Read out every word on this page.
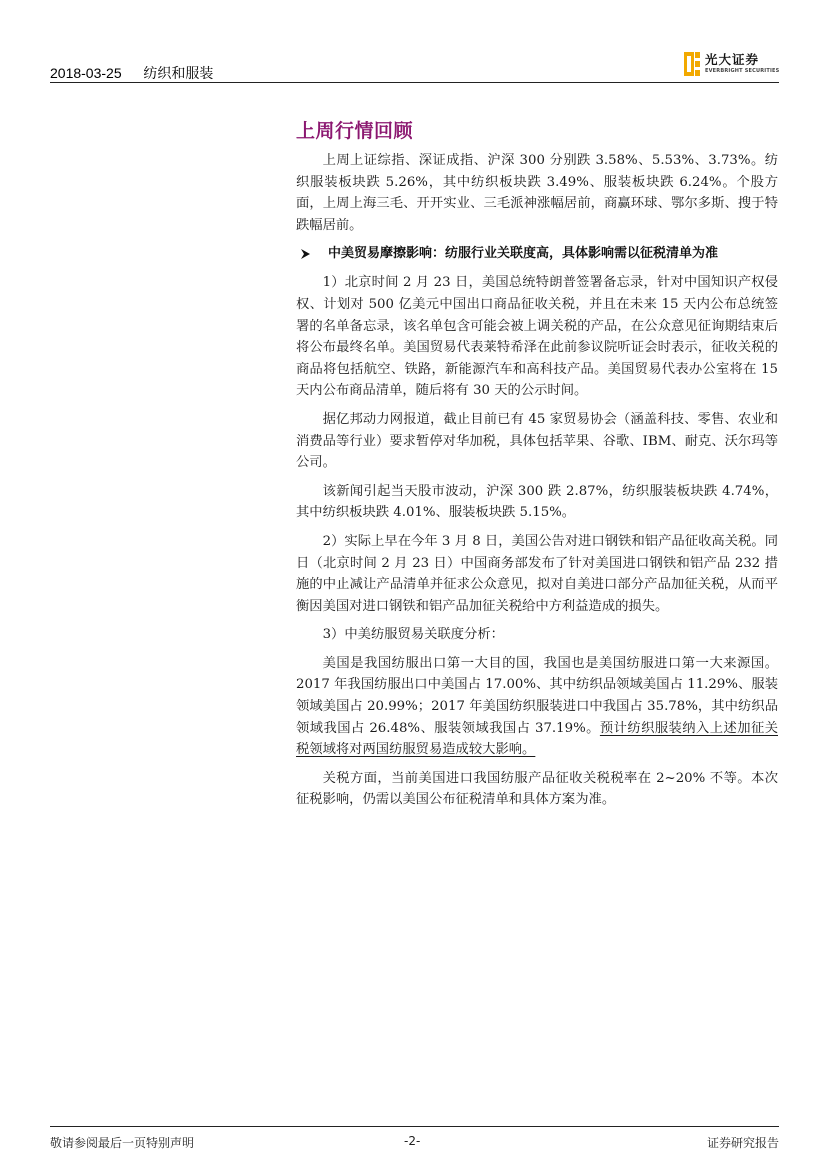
2018-03-25 纺织和服装
光大证券
EVERBRIGHT SECURITIES
上周行情回顾

上周上证综指、深证成指、沪深 300 分别跌 3.58%、5.53%、3.73%。纺织服装板块跌 5.26%，其中纺织板块跌 3.49%、服装板块跌 6.24%。个股方面，上周上海三毛、开开实业、三毛派神涨幅居前，商赢环球、鄂尔多斯、搜于特跌幅居前。

中美贸易摩擦影响：纺服行业关联度高，具体影响需以征税清单为准

1）北京时间 2 月 23 日，美国总统特朗普签署备忘录，针对中国知识产权侵权、计划对 500 亿美元中国出口商品征收关税，并且在未来 15 天内公布总统签署的名单备忘录，该名单包含可能会被上调关税的产品，在公众意见征询期结束后将公布最终名单。美国贸易代表莱特希泽在此前参议院听证会时表示，征收关税的商品将包括航空、铁路，新能源汽车和高科技产品。美国贸易代表办公室将在 15 天内公布商品清单，随后将有 30 天的公示时间。

据亿邦动力网报道，截止目前已有 45 家贸易协会（涵盖科技、零售、农业和消费品等行业）要求暂停对华加税，具体包括苹果、谷歌、IBM、耐克、沃尔玛等公司。

该新闻引起当天股市波动，沪深 300 跌 2.87%，纺织服装板块跌 4.74%，其中纺织板块跌 4.01%、服装板块跌 5.15%。

2）实际上早在今年 3 月 8 日，美国公告对进口钢铁和铝产品征收高关税。同日（北京时间 2 月 23 日）中国商务部发布了针对美国进口钢铁和铝产品 232 措施的中止减让产品清单并征求公众意见，拟对自美进口部分产品加征关税，从而平衡因美国对进口钢铁和铝产品加征关税给中方利益造成的损失。

3）中美纺服贸易关联度分析：

美国是我国纺服出口第一大目的国，我国也是美国纺服进口第一大来源国。2017 年我国纺服出口中美国占 17.00%、其中纺织品领域美国占 11.29%、服装领域美国占 20.99%；2017 年美国纺织服装进口中我国占 35.78%，其中纺织品领域我国占 26.48%、服装领域我国占 37.19%。预计纺织服装纳入上述加征关税领域将对两国纺服贸易造成较大影响。

关税方面，当前美国进口我国纺服产品征收关税税率在 2~20% 不等。本次征税影响，仍需以美国公布征税清单和具体方案为准。

敬请参阅最后一页特别声明	-2-	证券研究报告
